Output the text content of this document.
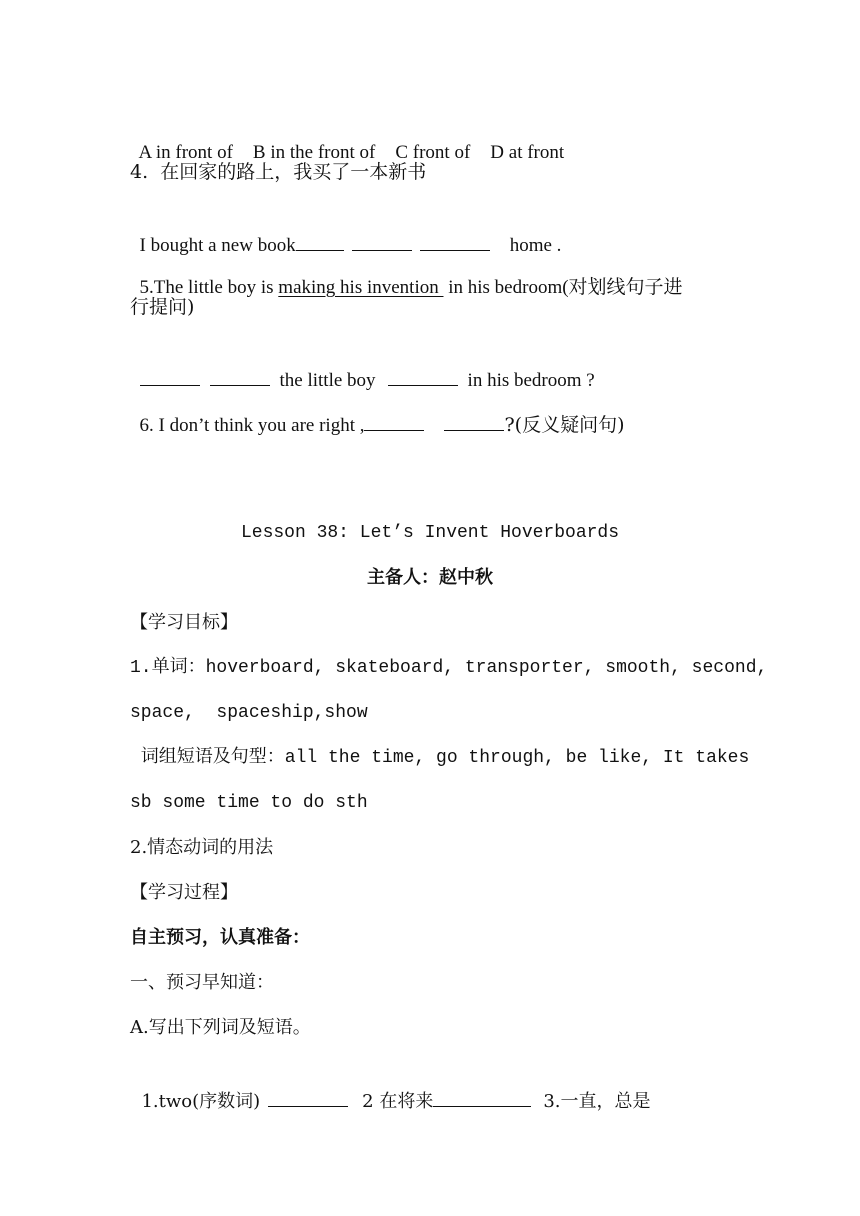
A in front of B in the front of C front of D at front

4.  在回家的路上，我买了一本新书

I bought a new book	home .

5.The little boy is making his invention  in his bedroom(对划线句子进

行提问)

the little boy	in his bedroom ?

6. I don’t think you are right ,	?(反义疑问句)

Lesson 38: Let’s Invent Hoverboards
主备人：赵中秋
【学习目标】
1.单词：hoverboard, skateboard, transporter, smooth, second,
space,  spaceship,show
词组短语及句型：all the time, go through, be like, It takes
sb some time to do sth
2.情态动词的用法
【学习过程】
自主预习，认真准备：
一、预习早知道：
A.写出下列词及短语。

1.two(序数词)	2 在将来	3.一直，总是
